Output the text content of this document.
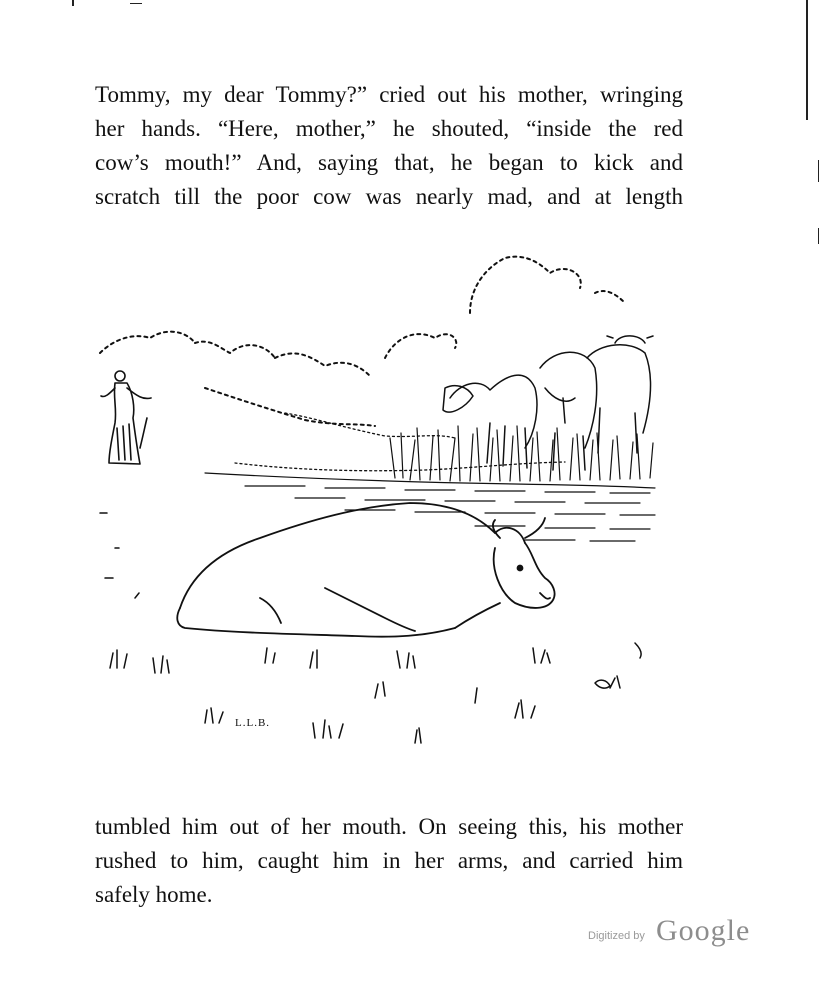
Tommy, my dear Tommy?” cried out his mother, wringing
her hands. “Here, mother,” he shouted, “inside the red
cow’s mouth!” And, saying that, he began to kick and
scratch till the poor cow was nearly mad, and at length
L.L.B.
tumbled him out of her mouth. On seeing this, his mother
rushed to him, caught him in her arms, and carried him
safely home.
Digitized by Google
